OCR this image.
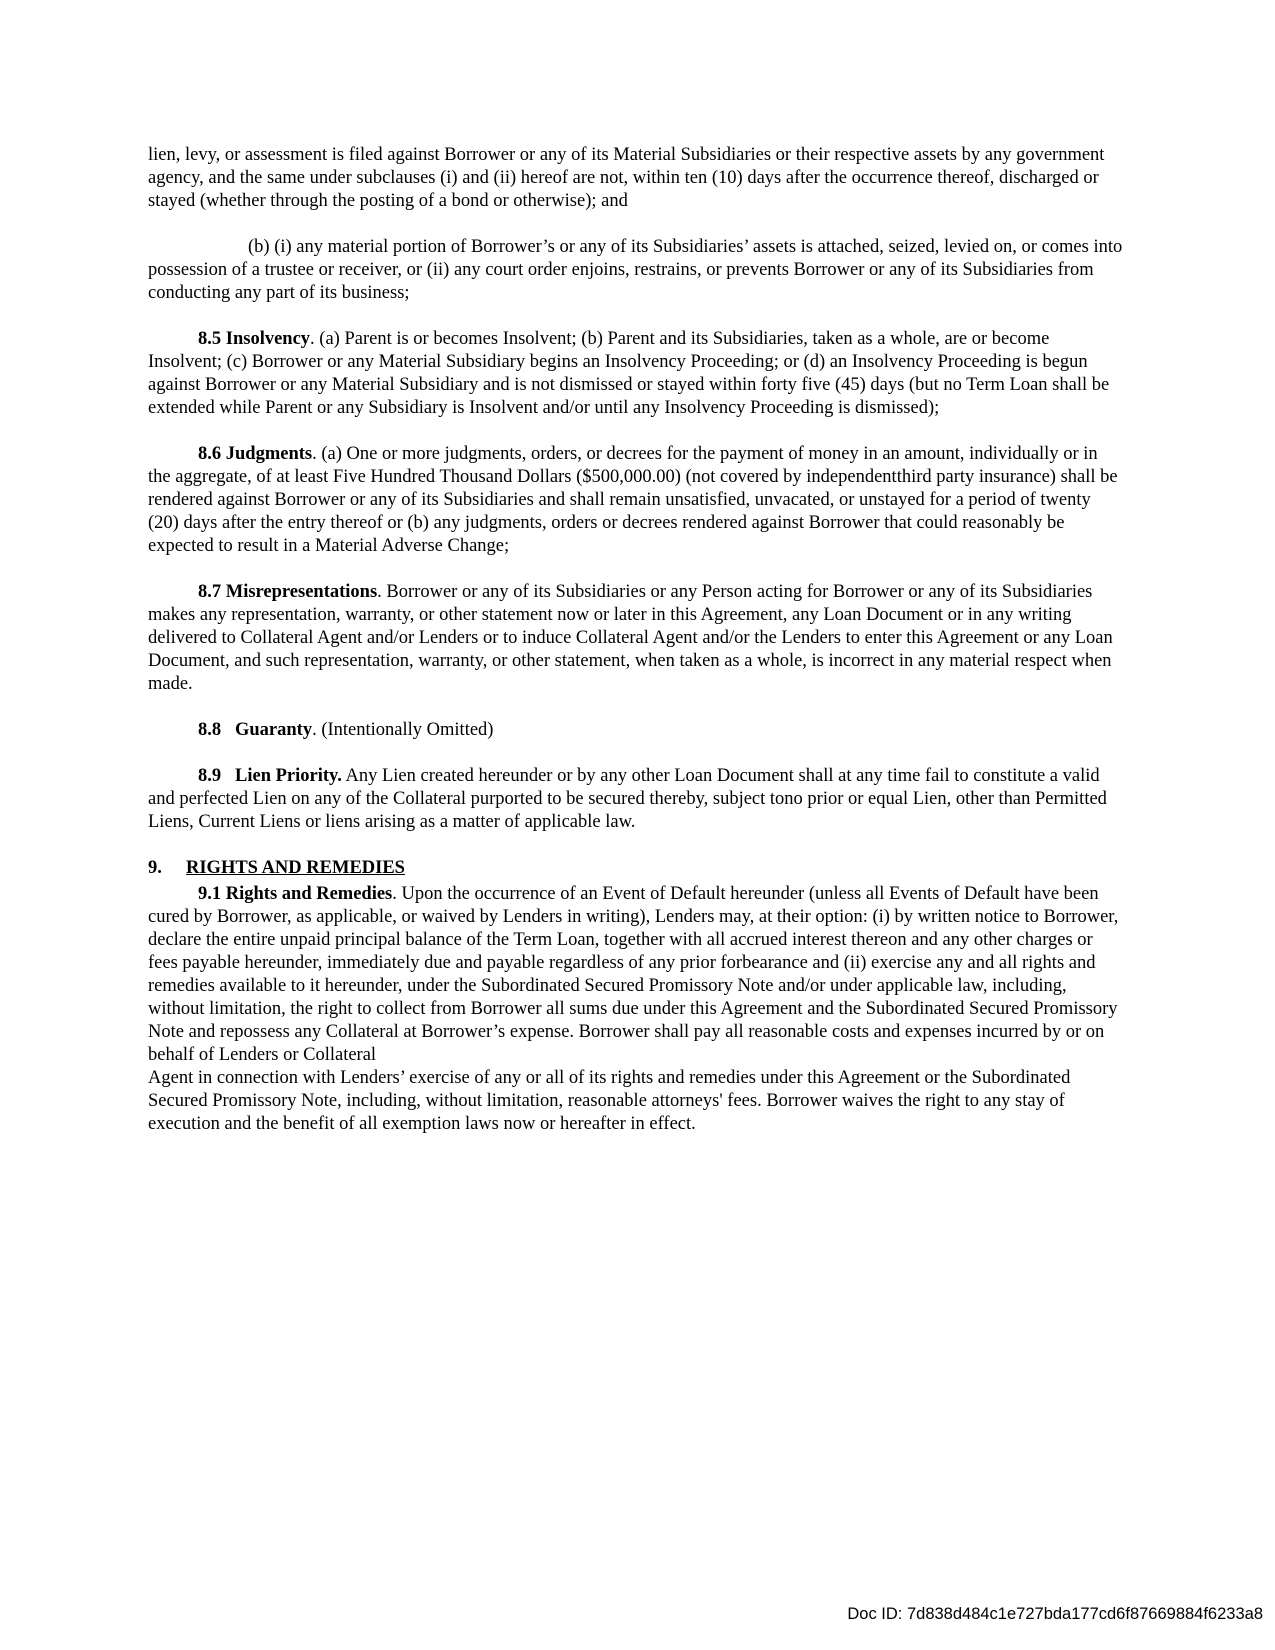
lien, levy, or assessment is filed against Borrower or any of its Material Subsidiaries or their respective assets by any government agency, and the same under subclauses (i) and (ii) hereof are not, within ten (10) days after the occurrence thereof, discharged or stayed (whether through the posting of a bond or otherwise); and

(b) (i) any material portion of Borrower’s or any of its Subsidiaries’ assets is attached, seized, levied on, or comes into possession of a trustee or receiver, or (ii) any court order enjoins, restrains, or prevents Borrower or any of its Subsidiaries from conducting any part of its business;

8.5 Insolvency. (a) Parent is or becomes Insolvent; (b) Parent and its Subsidiaries, taken as a whole, are or become Insolvent; (c) Borrower or any Material Subsidiary begins an Insolvency Proceeding; or (d) an Insolvency Proceeding is begun against Borrower or any Material Subsidiary and is not dismissed or stayed within forty five (45) days (but no Term Loan shall be extended while Parent or any Subsidiary is Insolvent and/or until any Insolvency Proceeding is dismissed);

8.6 Judgments. (a) One or more judgments, orders, or decrees for the payment of money in an amount, individually or in the aggregate, of at least Five Hundred Thousand Dollars ($500,000.00) (not covered by independentthird party insurance) shall be rendered against Borrower or any of its Subsidiaries and shall remain unsatisfied, unvacated, or unstayed for a period of twenty (20) days after the entry thereof or (b) any judgments, orders or decrees rendered against Borrower that could reasonably be expected to result in a Material Adverse Change;

8.7 Misrepresentations. Borrower or any of its Subsidiaries or any Person acting for Borrower or any of its Subsidiaries makes any representation, warranty, or other statement now or later in this Agreement, any Loan Document or in any writing delivered to Collateral Agent and/or Lenders or to induce Collateral Agent and/or the Lenders to enter this Agreement or any Loan Document, and such representation, warranty, or other statement, when taken as a whole, is incorrect in any material respect when made.

8.8   Guaranty. (Intentionally Omitted)

8.9   Lien Priority. Any Lien created hereunder or by any other Loan Document shall at any time fail to constitute a valid and perfected Lien on any of the Collateral purported to be secured thereby, subject tono prior or equal Lien, other than Permitted Liens, Current Liens or liens arising as a matter of applicable law.

9. RIGHTS AND REMEDIES

9.1 Rights and Remedies. Upon the occurrence of an Event of Default hereunder (unless all Events of Default have been cured by Borrower, as applicable, or waived by Lenders in writing), Lenders may, at their option: (i) by written notice to Borrower, declare the entire unpaid principal balance of the Term Loan, together with all accrued interest thereon and any other charges or fees payable hereunder, immediately due and payable regardless of any prior forbearance and (ii) exercise any and all rights and remedies available to it hereunder, under the Subordinated Secured Promissory Note and/or under applicable law, including, without limitation, the right to collect from Borrower all sums due under this Agreement and the Subordinated Secured Promissory Note and repossess any Collateral at Borrower’s expense. Borrower shall pay all reasonable costs and expenses incurred by or on behalf of Lenders or Collateral

Agent in connection with Lenders’ exercise of any or all of its rights and remedies under this Agreement or the Subordinated Secured Promissory Note, including, without limitation, reasonable attorneys' fees. Borrower waives the right to any stay of execution and the benefit of all exemption laws now or hereafter in effect.

Doc ID: 7d838d484c1e727bda177cd6f87669884f6233a8
